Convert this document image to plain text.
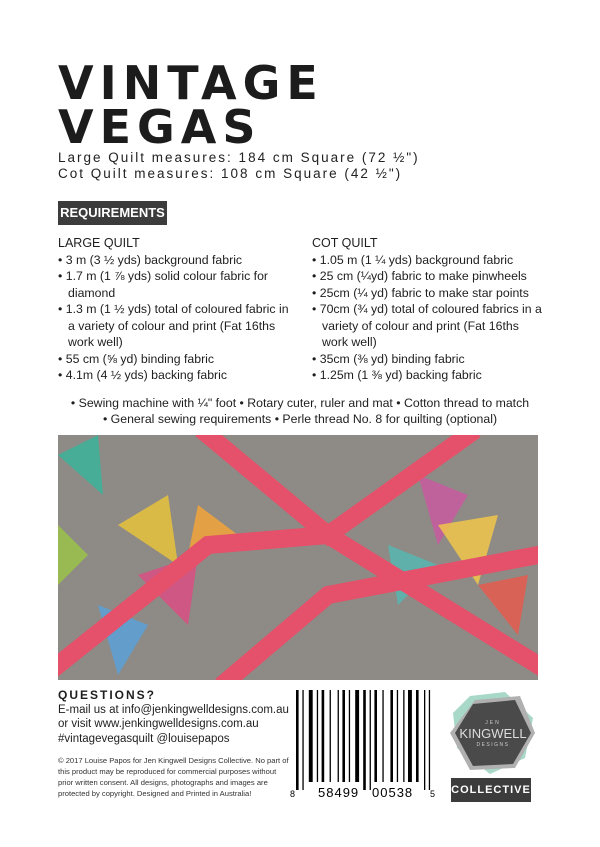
VINTAGE
VEGAS
Large Quilt measures: 184 cm Square (72 ½")
Cot Quilt measures: 108 cm Square (42 ½")
REQUIREMENTS
LARGE QUILT
• 3 m (3 ½ yds) background fabric
• 1.7 m (1 ⅞ yds) solid colour fabric for diamond
• 1.3 m (1 ½ yds) total of coloured fabric in a variety of colour and print (Fat 16ths work well)
• 55 cm (⅝ yd) binding fabric
• 4.1m (4 ½ yds) backing fabric
COT QUILT
• 1.05 m (1 ¼ yds) background fabric
• 25 cm (¼yd) fabric to make pinwheels
• 25cm (¼ yd) fabric to make star points
• 70cm (¾ yd) total of coloured fabrics in a variety of colour and print (Fat 16ths work well)
• 35cm (⅜ yd) binding fabric
• 1.25m (1 ⅜ yd) backing fabric
• Sewing machine with ¼" foot • Rotary cuter, ruler and mat • Cotton thread to match
• General sewing requirements • Perle thread No. 8 for quilting (optional)
QUESTIONS?
E-mail us at info@jenkingwelldesigns.com.au
or visit www.jenkingwelldesigns.com.au
#vintagevegasquilt @louisepapos
© 2017 Louise Papos for Jen Kingwell Designs Collective. No part of this product may be reproduced for commercial purposes without prior written consent. All designs, photographs and images are protected by copyright. Designed and Printed in Australia!	8 58499 00538 5
JEN
KINGWELL
DESIGNS
COLLECTIVE
